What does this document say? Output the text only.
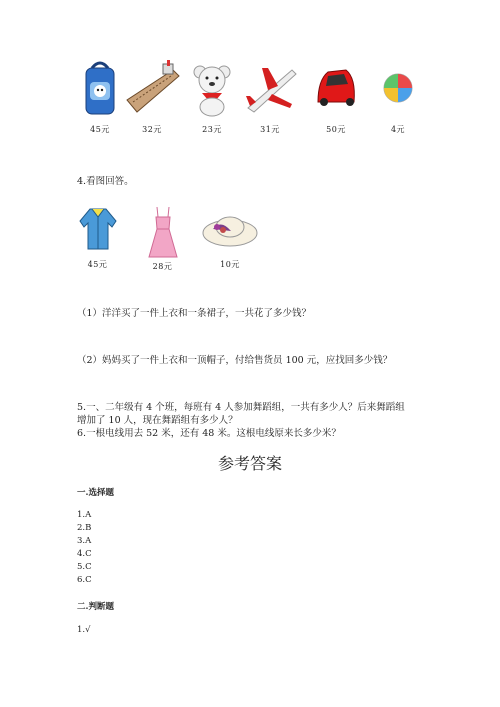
45元	32元	23元	31元	50元	4元
4.看图回答。
45元	28元	10元
（1）洋洋买了一件上衣和一条裙子，一共花了多少钱？
（2）妈妈买了一件上衣和一顶帽子，付给售货员 100 元，应找回多少钱？
5.一、二年级有 4 个班，每班有 4 人参加舞蹈组，一共有多少人？后来舞蹈组
增加了 10 人，现在舞蹈组有多少人？
6.一根电线用去 52 米，还有 48 米。这根电线原来长多少米？
参考答案
一.选择题
1.A
2.B
3.A
4.C
5.C
6.C
二.判断题
1.√
